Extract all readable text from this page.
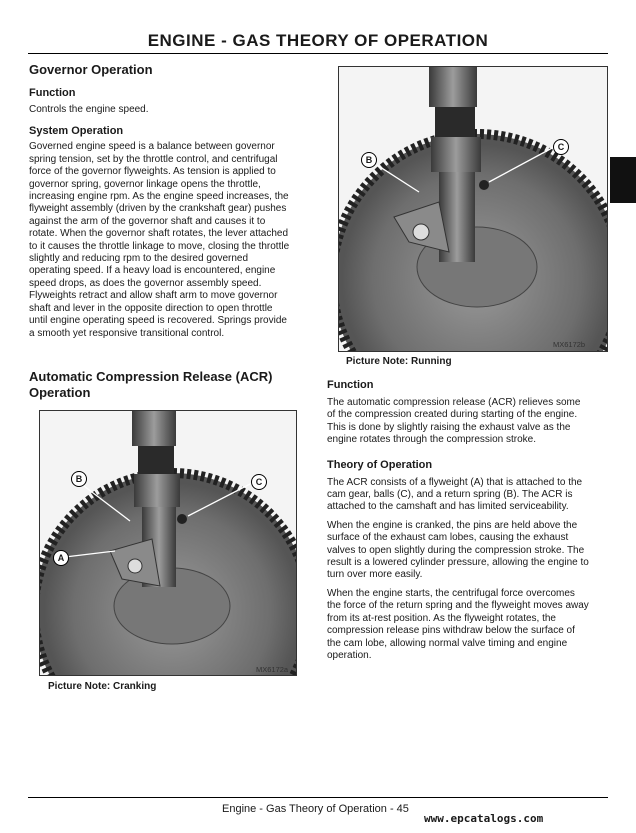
ENGINE - GAS THEORY OF OPERATION
Governor Operation
Function

Controls the engine speed.

System Operation

Governed engine speed is a balance between governor

spring tension, set by the throttle control, and centrifugal

force of the governor flyweights. As tension is applied to

governor spring, governor linkage opens the throttle,

increasing engine rpm. As the engine speed increases, the

flyweight assembly (driven by the crankshaft gear) pushes

against the arm of the governor shaft and causes it to

rotate. When the governor shaft rotates, the lever attached

to it causes the throttle linkage to move, closing the throttle

slightly and reducing rpm to the desired governed

operating speed. If a heavy load is encountered, engine

speed drops, as does the governor assembly speed.

Flyweights retract and allow shaft arm to move governor

shaft and lever in the opposite direction to open throttle

until engine operating speed is recovered. Springs provide

a smooth yet responsive transitional control.

Automatic Compression Release (ACR)
Operation
B
C
MX6172b
Picture Note: Running
B	C
A
MX6172a
Picture Note: Cranking
Function

The automatic compression release (ACR) relieves some

of the compression created during starting of the engine.

This is done by slightly raising the exhaust valve as the

engine rotates through the compression stroke.

Theory of Operation

The ACR consists of a flyweight (A) that is attached to the

cam gear, balls (C), and a return spring (B). The ACR is

attached to the camshaft and has limited serviceability.

When the engine is cranked, the pins are held above the

surface of the exhaust cam lobes, causing the exhaust

valves to open slightly during the compression stroke. The

result is a lowered cylinder pressure, allowing the engine to

turn over more easily.

When the engine starts, the centrifugal force overcomes

the force of the return spring and the flyweight moves away

from its at-rest position. As the flyweight rotates, the

compression release pins withdraw below the surface of

the cam lobe, allowing normal valve timing and engine

operation.

Engine - Gas Theory of Operation - 45
www.epcatalogs.com
